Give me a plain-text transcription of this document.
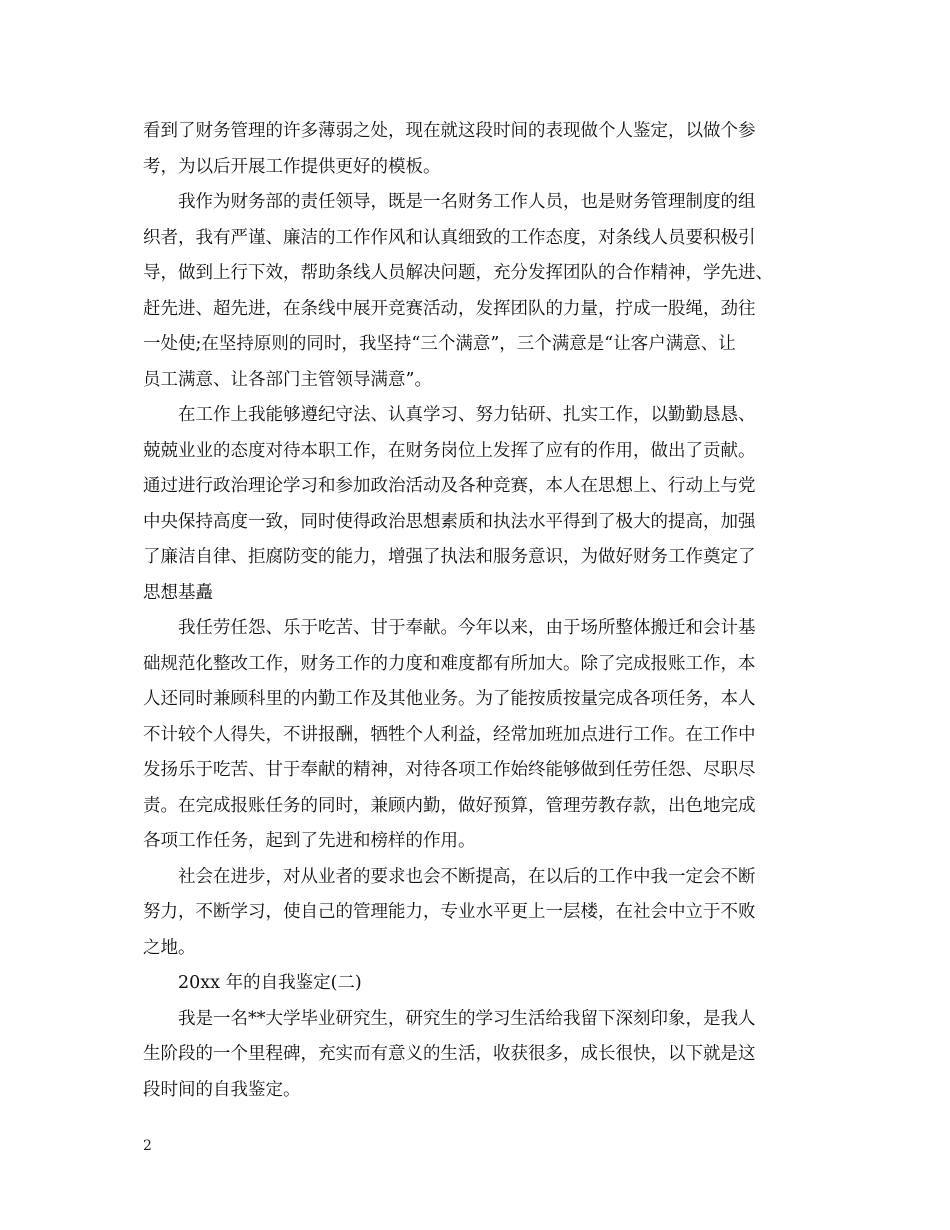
看到了财务管理的许多薄弱之处，现在就这段时间的表现做个人鉴定，以做个参
考，为以后开展工作提供更好的模板。

我作为财务部的责任领导，既是一名财务工作人员，也是财务管理制度的组
织者，我有严谨、廉洁的工作作风和认真细致的工作态度，对条线人员要积极引
导，做到上行下效，帮助条线人员解决问题，充分发挥团队的合作精神，学先进、
赶先进、超先进，在条线中展开竞赛活动，发挥团队的力量，拧成一股绳，劲往
一处使;在坚持原则的同时，我坚持“三个满意”，三个满意是“让客户满意、让
员工满意、让各部门主管领导满意”。

在工作上我能够遵纪守法、认真学习、努力钻研、扎实工作，以勤勤恳恳、
兢兢业业的态度对待本职工作，在财务岗位上发挥了应有的作用，做出了贡献。
通过进行政治理论学习和参加政治活动及各种竞赛，本人在思想上、行动上与党
中央保持高度一致，同时使得政治思想素质和执法水平得到了极大的提高，加强
了廉洁自律、拒腐防变的能力，增强了执法和服务意识，为做好财务工作奠定了
思想基矗

我任劳任怨、乐于吃苦、甘于奉献。今年以来，由于场所整体搬迁和会计基
础规范化整改工作，财务工作的力度和难度都有所加大。除了完成报账工作，本
人还同时兼顾科里的内勤工作及其他业务。为了能按质按量完成各项任务，本人
不计较个人得失，不讲报酬，牺牲个人利益，经常加班加点进行工作。在工作中
发扬乐于吃苦、甘于奉献的精神，对待各项工作始终能够做到任劳任怨、尽职尽
责。在完成报账任务的同时，兼顾内勤，做好预算，管理劳教存款，出色地完成
各项工作任务，起到了先进和榜样的作用。

社会在进步，对从业者的要求也会不断提高，在以后的工作中我一定会不断
努力，不断学习，使自己的管理能力，专业水平更上一层楼，在社会中立于不败
之地。

20xx 年的自我鉴定(二)

我是一名**大学毕业研究生，研究生的学习生活给我留下深刻印象，是我人
生阶段的一个里程碑，充实而有意义的生活，收获很多，成长很快，以下就是这
段时间的自我鉴定。

2
